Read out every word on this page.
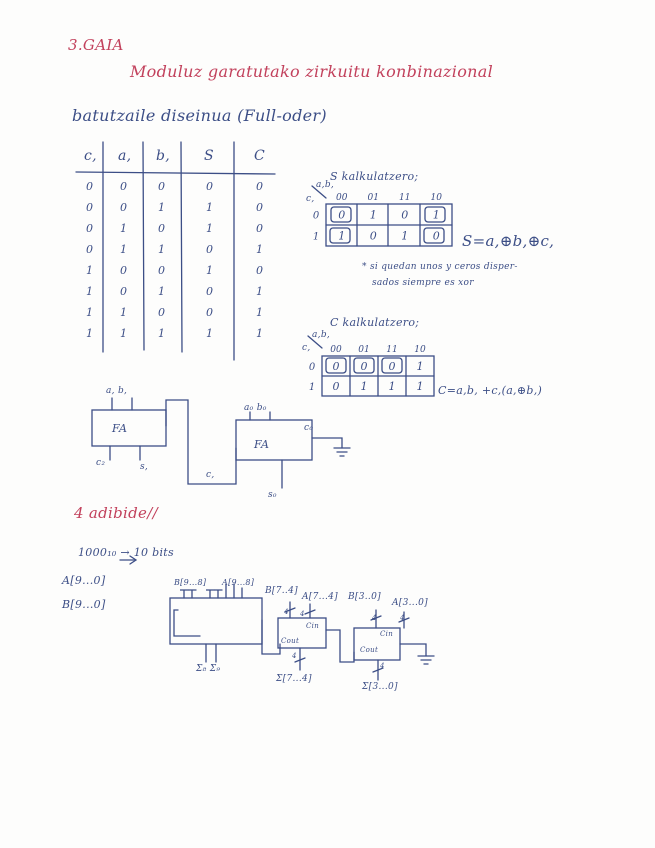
3.GAIA
Moduluz garatutako zirkuitu konbinazional
batutzaile diseinua (Full-oder)
c, a, b, S	C
0 0	0	0	0
0 0	1	1	0
0 1	0	1	0
0 1	1	0	1
1 0	0	1	0
1 0	1	0	1
1 1	0	0	1
1 1	1	1	1
S kalkulatzero;
a,b,
c,
S=a,⊕b,⊕c,
* si quedan unos y ceros disper-
sados siempre es xor
C kalkulatzero;
a,b,
c,
C=a,b, +c,(a,⊕b,)
a, b,
FA
c₂	s,
c,
a₀ b₀
FA
c₀
s₀
4 adibide//
1000₁₀ → 10 bits
A[9...0]
B[9...0]
B[9...8] A[9...8]
Σ₈ Σ₉
B[7..4]
A[7...4]
Cout
Cin
Σ[7...4]
B[3..0]
A[3...0]
Cout
Cin
Σ[3...0]
4 4	4	4
4
4
00 01 11 10
0
1
0 1 0 1
1 0 1 0
00 01 11 10
0
1
0 0 0 1
0 1 1 1
